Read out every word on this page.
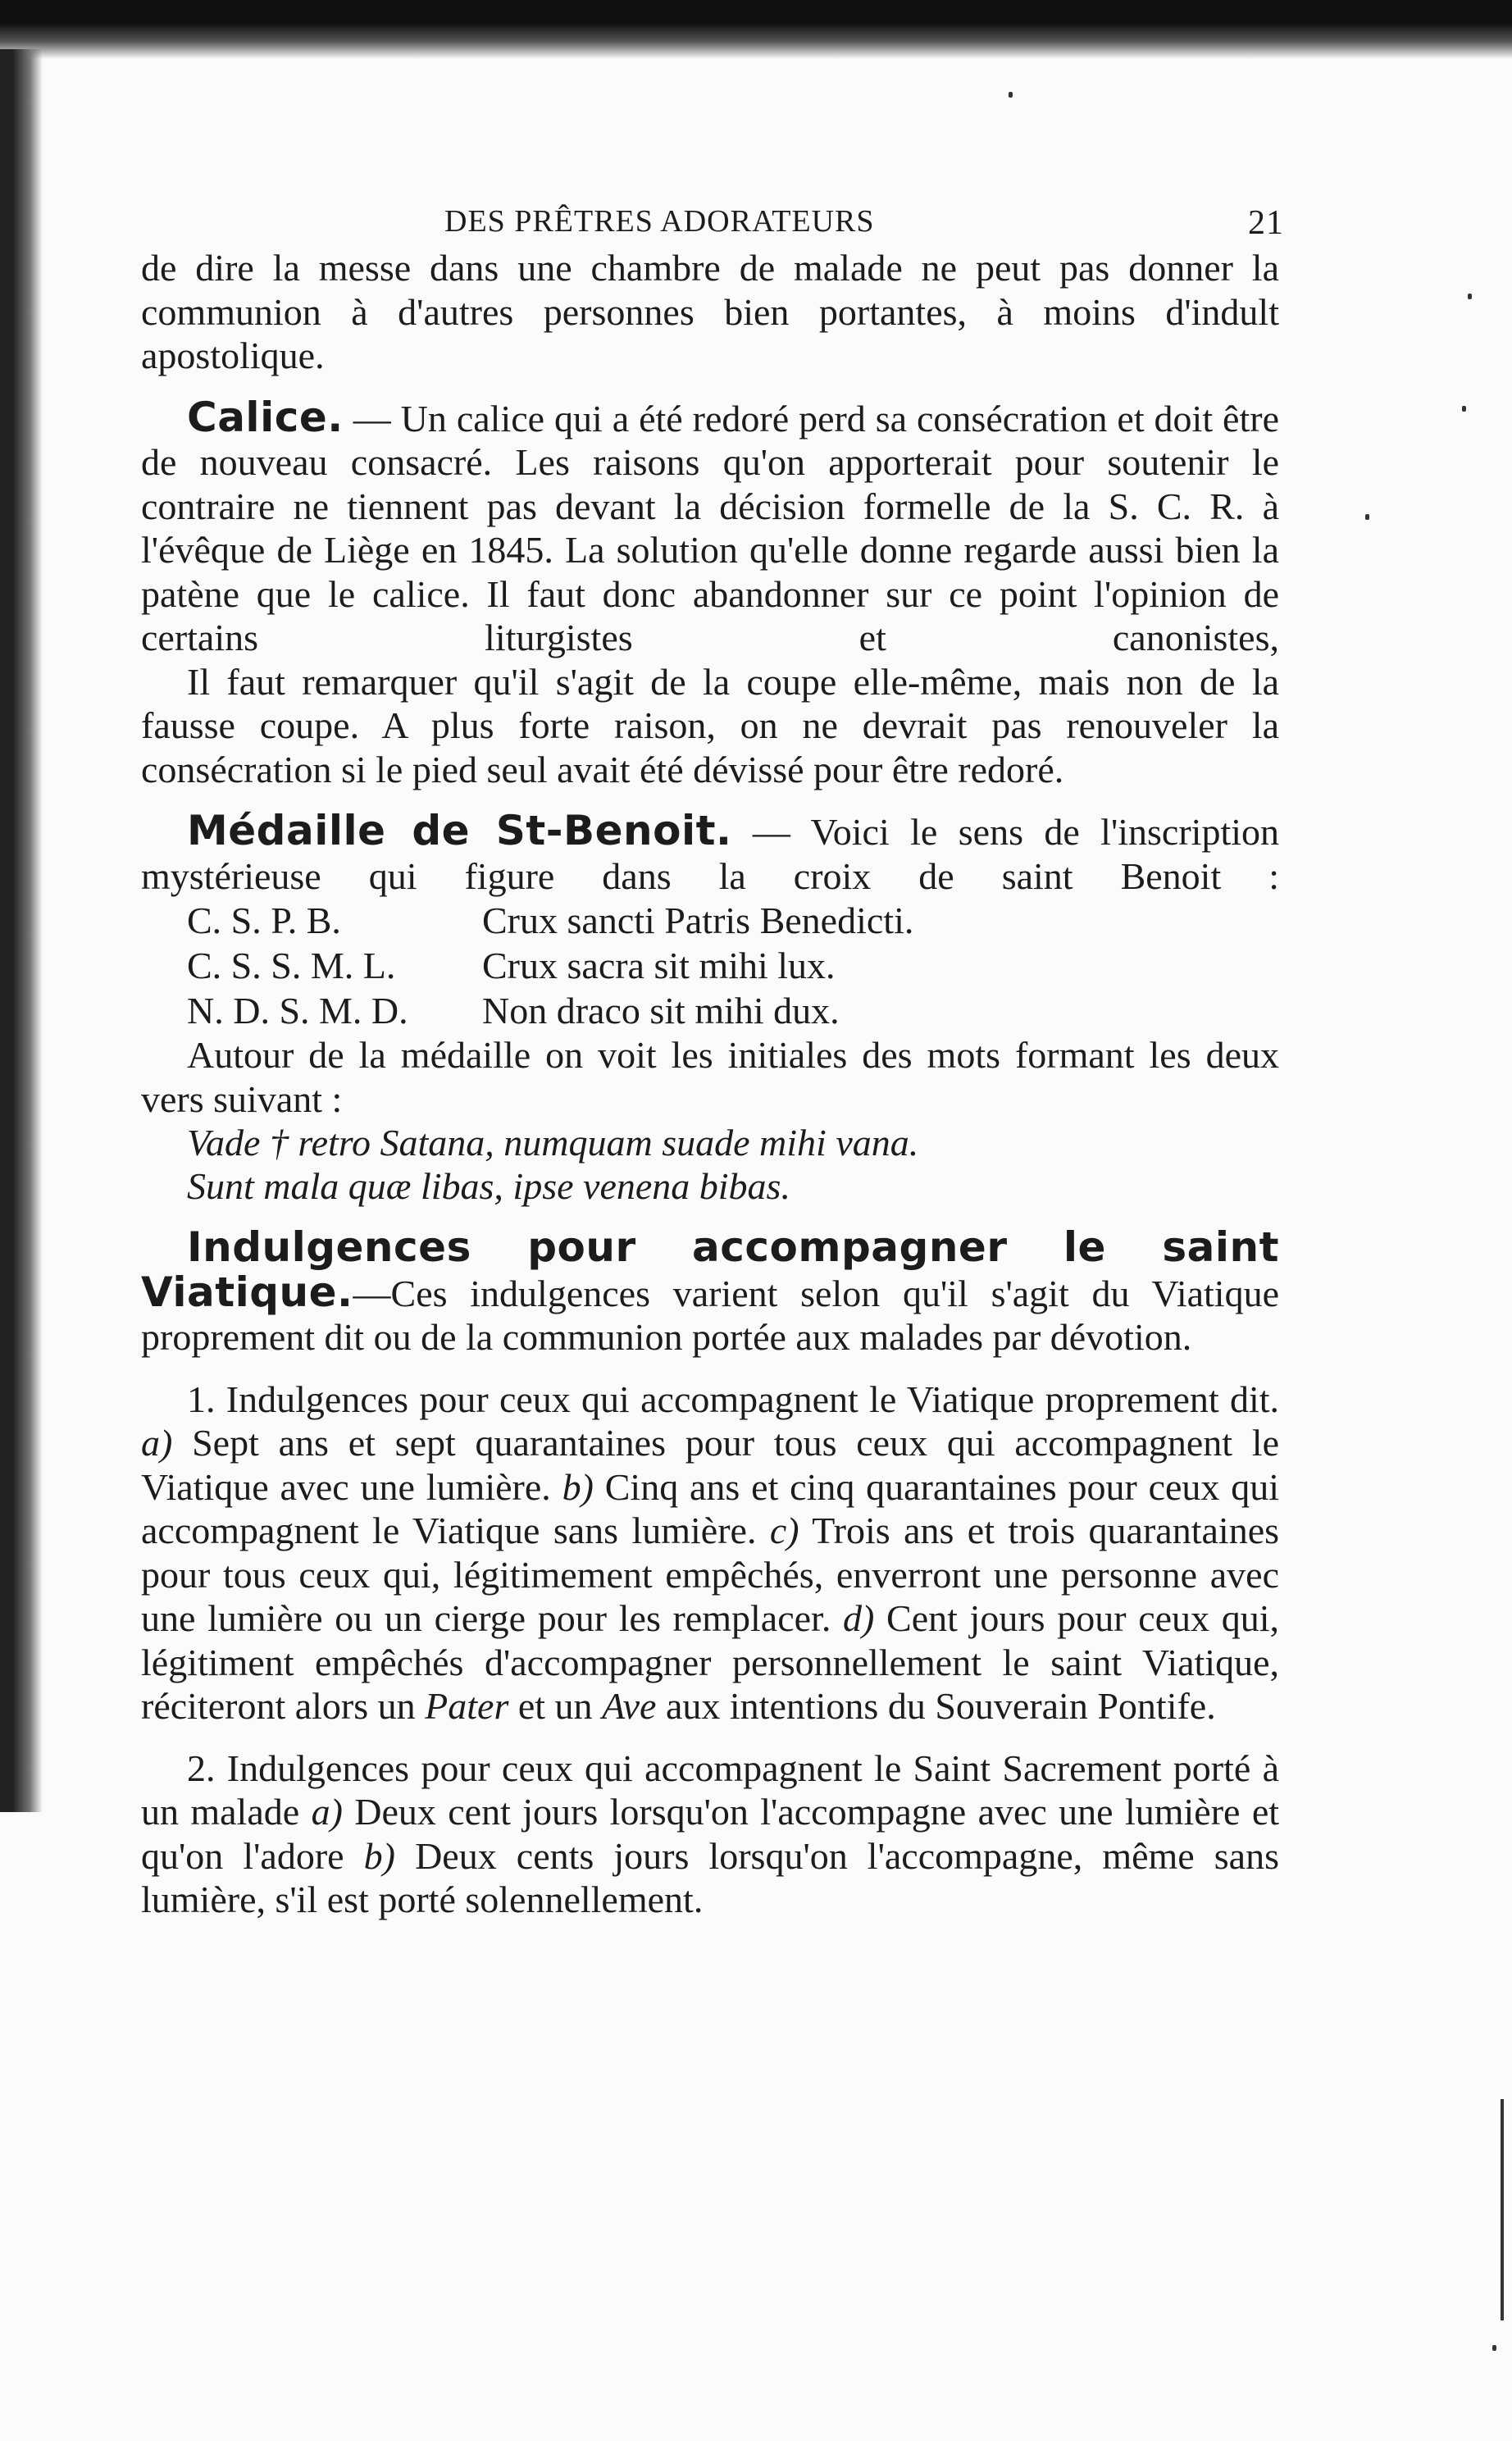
DES PRÊTRES ADORATEURS	21

de dire la messe dans une chambre de malade ne peut pas donner la communion à d'autres personnes bien portantes, à moins d'indult apostolique.

Calice. — Un calice qui a été redoré perd sa consécration et doit être de nouveau consacré. Les raisons qu'on apporterait pour soutenir le contraire ne tiennent pas devant la décision formelle de la S. C. R. à l'évêque de Liège en 1845. La solution qu'elle donne regarde aussi bien la patène que le calice. Il faut donc abandonner sur ce point l'opinion de certains liturgistes et canonistes,

Il faut remarquer qu'il s'agit de la coupe elle-même, mais non de la fausse coupe. A plus forte raison, on ne devrait pas renouveler la consécration si le pied seul avait été dévissé pour être redoré.

Médaille de St-Benoit. — Voici le sens de l'inscription mystérieuse qui figure dans la croix de saint Benoit :

C. S. P. B.	Crux sancti Patris Benedicti.
C. S. S. M. L. Crux sacra sit mihi lux.
N. D. S. M. D. Non draco sit mihi dux.

Autour de la médaille on voit les initiales des mots formant les deux vers suivant :

Vade † retro Satana, numquam suade mihi vana.
Sunt mala quæ libas, ipse venena bibas.

Indulgences pour accompagner le saint Viatique.—Ces indulgences varient selon qu'il s'agit du Viatique proprement dit ou de la communion portée aux malades par dévotion.

1. Indulgences pour ceux qui accompagnent le Viatique proprement dit. a) Sept ans et sept quarantaines pour tous ceux qui accompagnent le Viatique avec une lumière. b) Cinq ans et cinq quarantaines pour ceux qui accompagnent le Viatique sans lumière. c) Trois ans et trois quarantaines pour tous ceux qui, légitimement empêchés, enverront une personne avec une lumière ou un cierge pour les remplacer. d) Cent jours pour ceux qui, légitiment empêchés d'accompagner personnellement le saint Viatique, réciteront alors un Pater et un Ave aux intentions du Souverain Pontife.

2. Indulgences pour ceux qui accompagnent le Saint Sacrement porté à un malade a) Deux cent jours lorsqu'on l'accompagne avec une lumière et qu'on l'adore b) Deux cents jours lorsqu'on l'accompagne, même sans lumière, s'il est porté solennellement.
